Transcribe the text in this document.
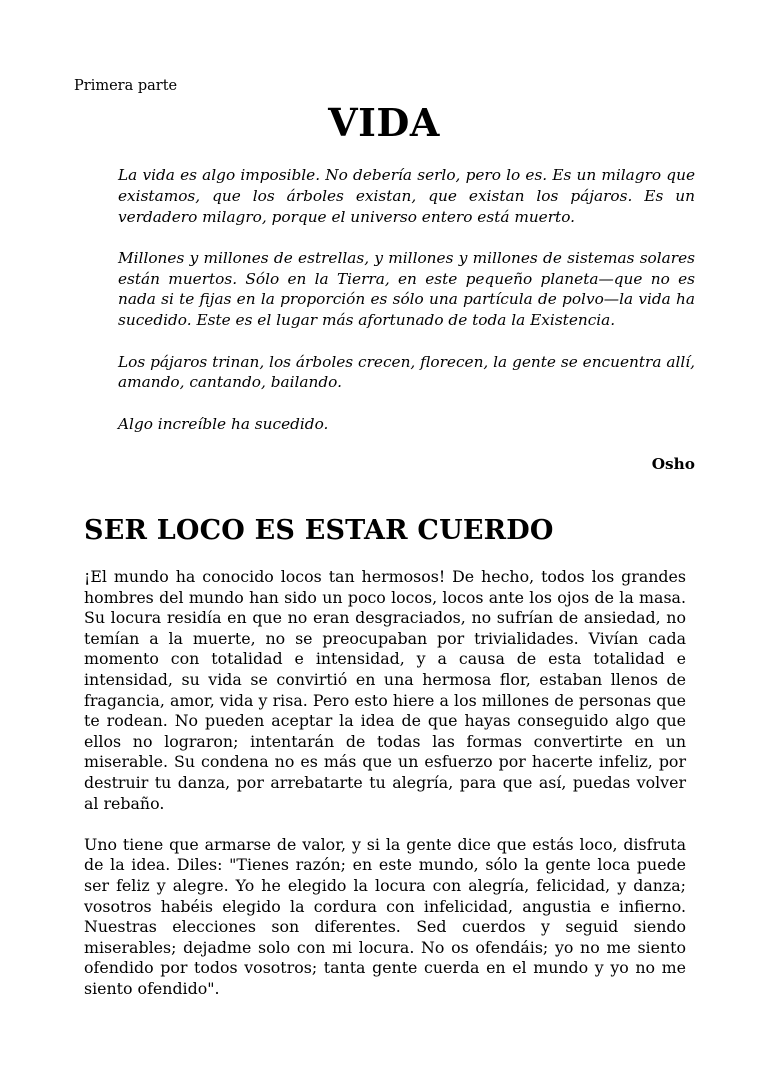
Primera parte
VIDA

La vida es algo imposible. No debería serlo, pero lo es. Es un milagro que existamos, que los árboles existan, que existan los pájaros. Es un verdadero milagro, porque el universo entero está muerto.

Millones y millones de estrellas, y millones y millones de sistemas solares están muertos. Sólo en la Tierra, en este pequeño planeta—que no es nada si te fijas en la proporción es sólo una partícula de polvo—la vida ha sucedido. Este es el lugar más afortunado de toda la Existencia.

Los pájaros trinan, los árboles crecen, florecen, la gente se encuentra allí, amando, cantando, bailando.

Algo increíble ha sucedido.

Osho
SER LOCO ES ESTAR CUERDO

¡El mundo ha conocido locos tan hermosos! De hecho, todos los grandes hombres del mundo han sido un poco locos, locos ante los ojos de la masa. Su locura residía en que no eran desgraciados, no sufrían de ansiedad, no temían a la muerte, no se preocupaban por trivialidades. Vivían cada momento con totalidad e intensidad, y a causa de esta totalidad e intensidad, su vida se convirtió en una hermosa flor, estaban llenos de fragancia, amor, vida y risa. Pero esto hiere a los millones de personas que te rodean. No pueden aceptar la idea de que hayas conseguido algo que ellos no lograron; intentarán de todas las formas convertirte en un miserable. Su condena no es más que un esfuerzo por hacerte infeliz, por destruir tu danza, por arrebatarte tu alegría, para que así, puedas volver al rebaño.

Uno tiene que armarse de valor, y si la gente dice que estás loco, disfruta de la idea. Diles: "Tienes razón; en este mundo, sólo la gente loca puede ser feliz y alegre. Yo he elegido la locura con alegría, felicidad, y danza; vosotros habéis elegido la cordura con infelicidad, angustia e infierno. Nuestras elecciones son diferentes. Sed cuerdos y seguid siendo miserables; dejadme solo con mi locura. No os ofendáis; yo no me siento ofendido por todos vosotros; tanta gente cuerda en el mundo y yo no me siento ofendido".
